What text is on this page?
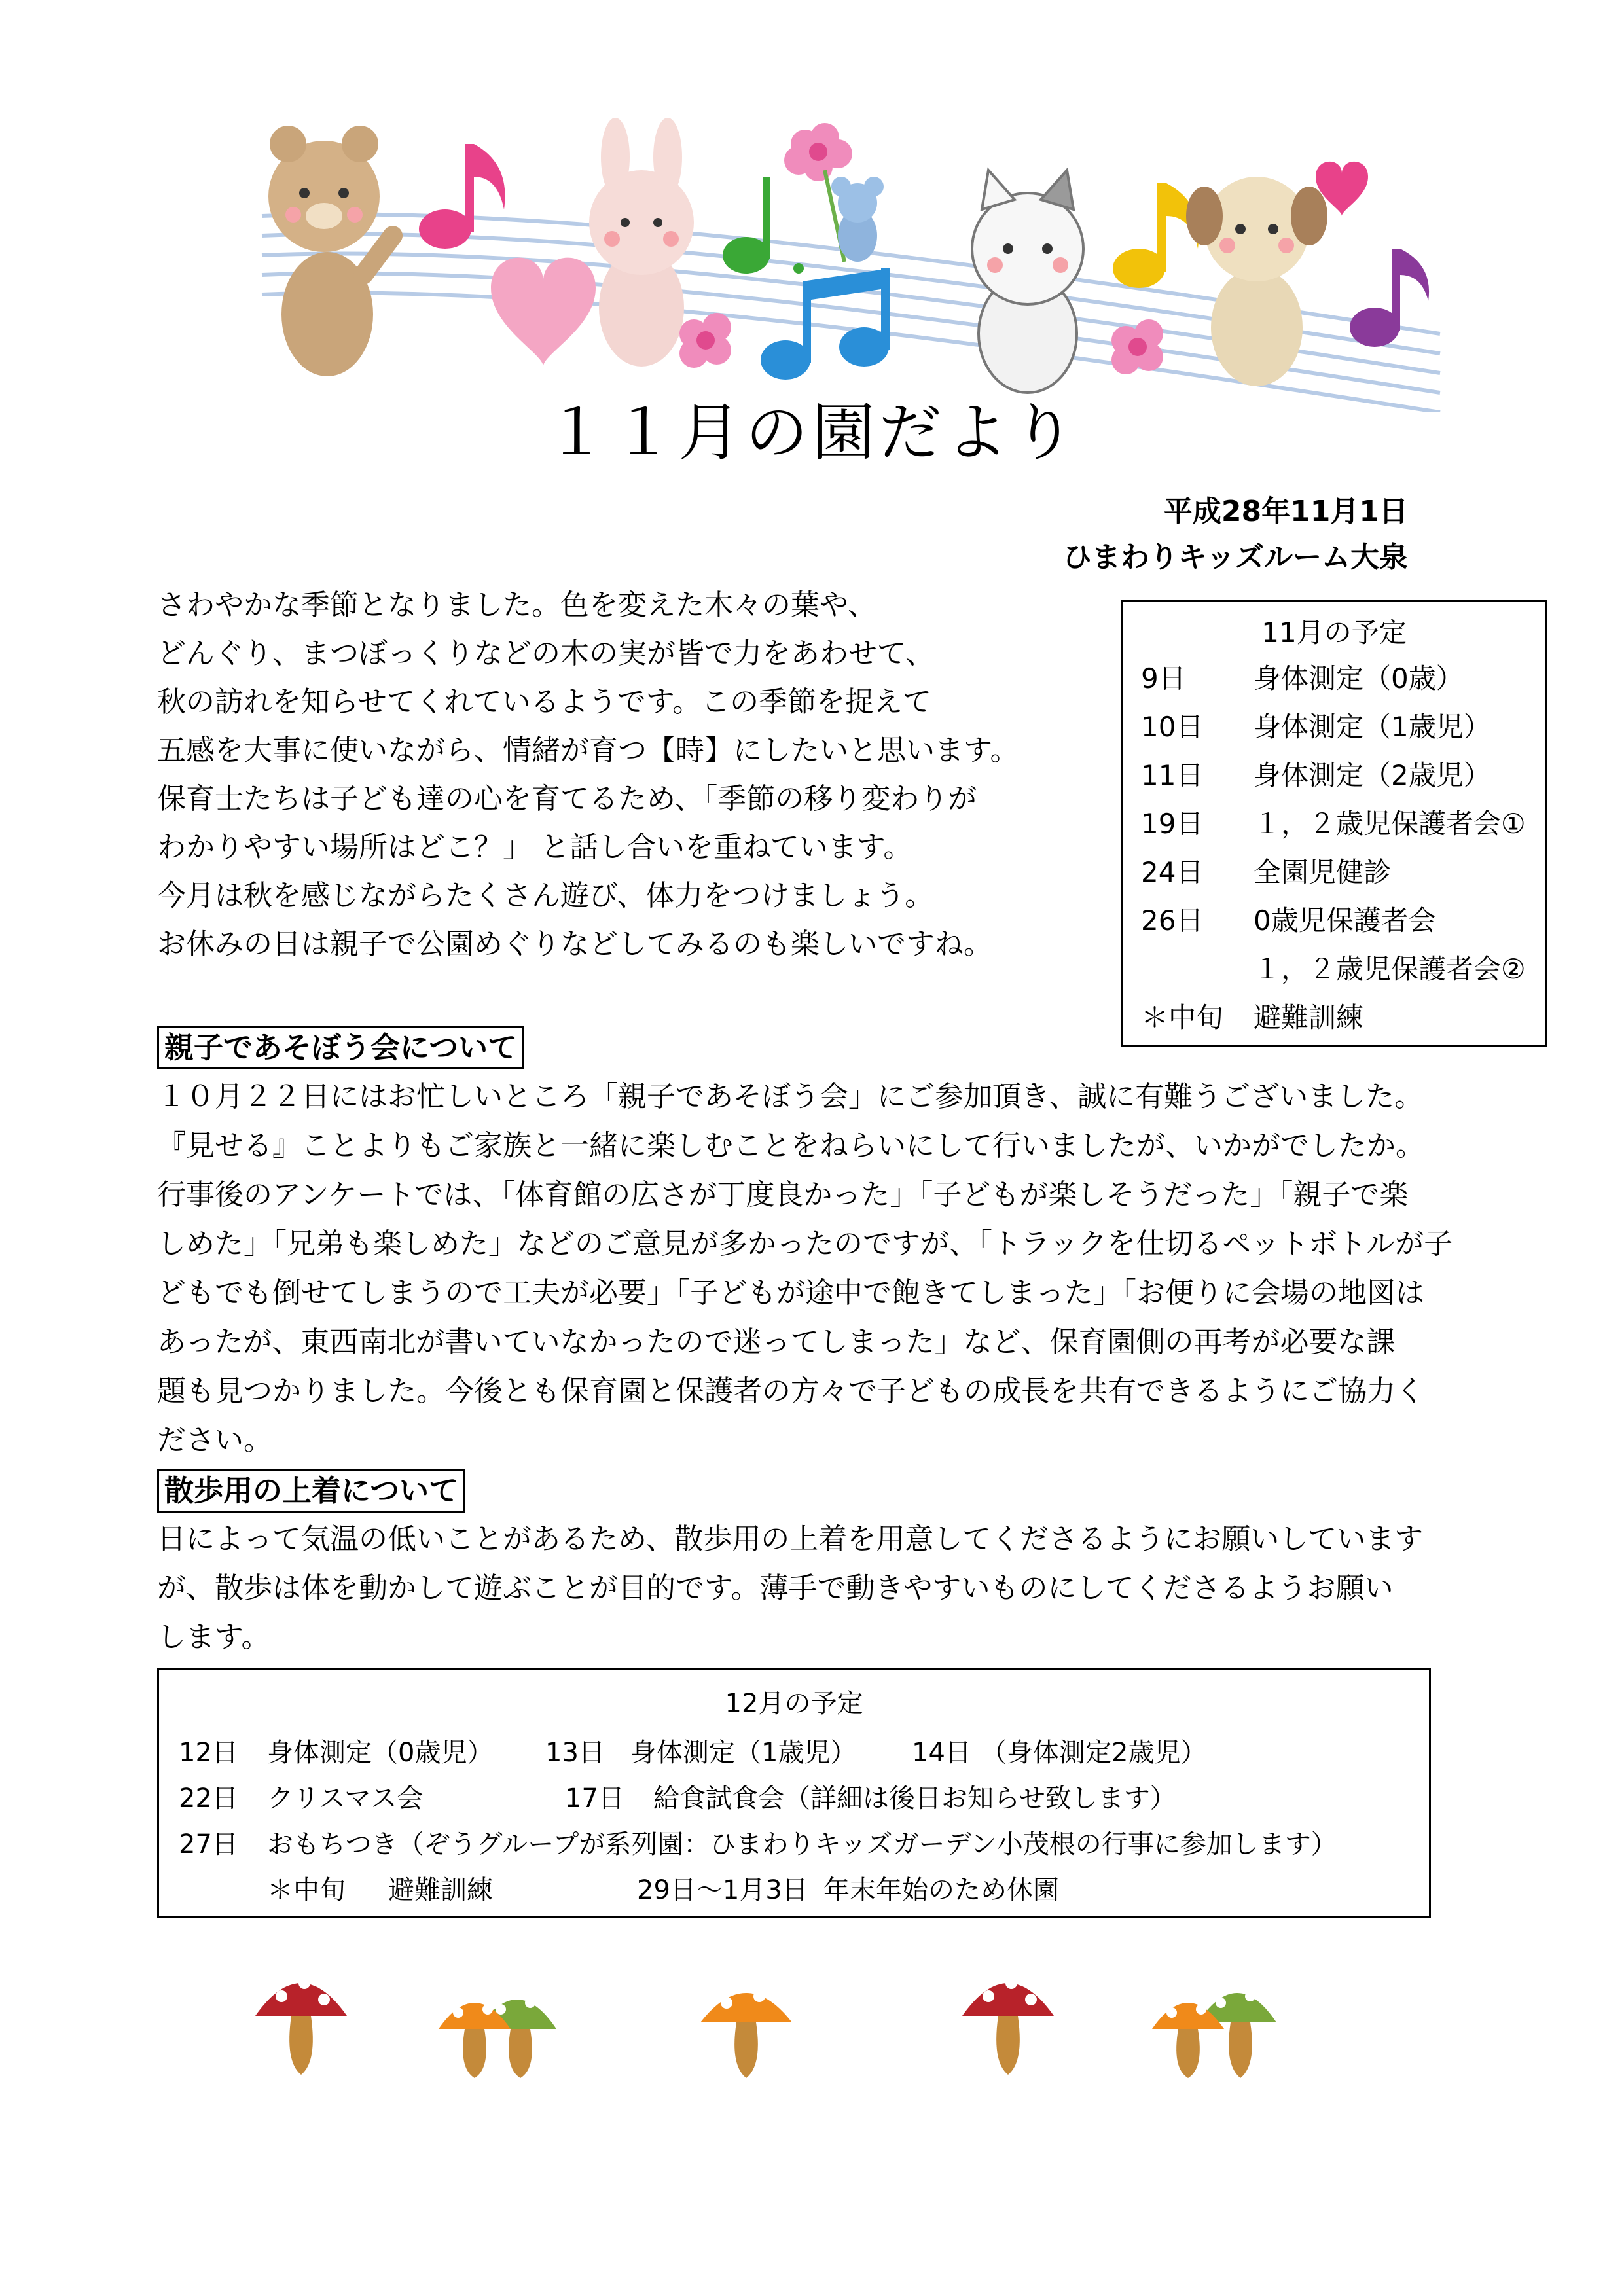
１１月の園だより
平成28年11月1日
ひまわりキッズルーム大泉
さわやかな季節となりました。色を変えた木々の葉や、
どんぐり、まつぼっくりなどの木の実が皆で力をあわせて、
秋の訪れを知らせてくれているようです。この季節を捉えて
五感を大事に使いながら、情緒が育つ【時】にしたいと思います。
保育士たちは子ども達の心を育てるため、「季節の移り変わりが
わかりやすい場所はどこ？」 と話し合いを重ねています。
今月は秋を感じながらたくさん遊び、体力をつけましょう。
お休みの日は親子で公園めぐりなどしてみるのも楽しいですね。
11月の予定
9日 身体測定（0歳）
10日 身体測定（1歳児）
11日 身体測定（2歳児）
19日 １，２歳児保護者会①
24日 全園児健診
26日 0歳児保護者会
１，２歳児保護者会②
＊中旬 避難訓練
親子であそぼう会について
１０月２２日にはお忙しいところ「親子であそぼう会」にご参加頂き、誠に有難うございました。
『見せる』ことよりもご家族と一緒に楽しむことをねらいにして行いましたが、いかがでしたか。
行事後のアンケートでは、「体育館の広さが丁度良かった」「子どもが楽しそうだった」「親子で楽
しめた」「兄弟も楽しめた」などのご意見が多かったのですが、「トラックを仕切るペットボトルが子
どもでも倒せてしまうので工夫が必要」「子どもが途中で飽きてしまった」「お便りに会場の地図は
あったが、東西南北が書いていなかったので迷ってしまった」など、保育園側の再考が必要な課
題も見つかりました。今後とも保育園と保護者の方々で子どもの成長を共有できるようにご協力く
ださい。
散歩用の上着について
日によって気温の低いことがあるため、散歩用の上着を用意してくださるようにお願いしています
が、散歩は体を動かして遊ぶことが目的です。薄手で動きやすいものにしてくださるようお願い
します。
12月の予定
12日 身体測定（0歳児） 13日 身体測定（1歳児） 14日 （身体測定2歳児）
22日 クリスマス会	17日 給食試食会（詳細は後日お知らせ致します）
27日 おもちつき（ぞうグループが系列園：ひまわりキッズガーデン小茂根の行事に参加します）
＊中旬 避難訓練	29日～1月3日 年末年始のため休園
